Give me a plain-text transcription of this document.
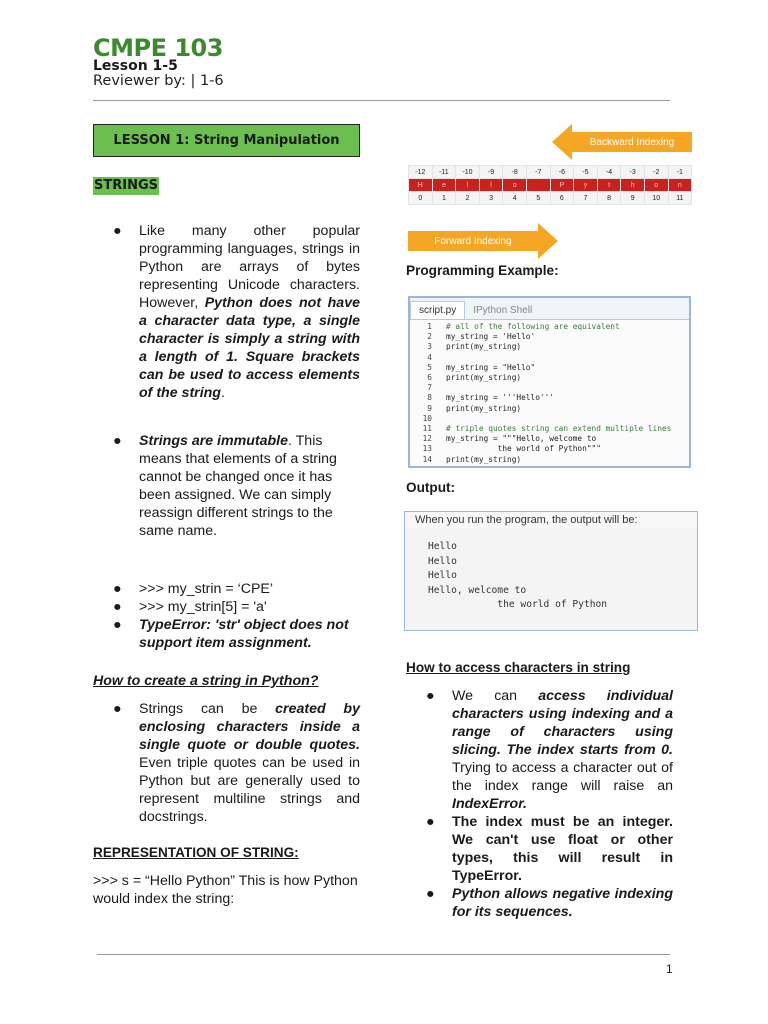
CMPE 103
Lesson 1-5
Reviewer by: | 1-6
LESSON 1: String Manipulation
STRINGS
● Like many other popular programming languages, strings in Python are arrays of bytes representing Unicode characters. However, Python does not have a character data type, a single character is simply a string with a length of 1. Square brackets can be used to access elements of the string.
● Strings are immutable. This means that elements of a string cannot be changed once it has been assigned. We can simply reassign different strings to the same name.
● >>> my_strin = ‘CPE’
● >>> my_strin[5] = 'a'
● TypeError: 'str' object does not support item assignment.
How to create a string in Python?
● Strings can be created by enclosing characters inside a single quote or double quotes. Even triple quotes can be used in Python but are generally used to represent multiline strings and docstrings.
REPRESENTATION OF STRING:
>>> s = “Hello Python” This is how Python would index the string:
Backward Indexing
-12	-11	-10	-9	-8	-7	-6	-5	-4	-3	-2	-1
H	e	l	l	o		P	y	t	h	o	n
0	1	2	3	4	5	6	7	8	9	10	11
Forward Indexing
Programming Example:
script.py	IPython Shell
1	# all of the following are equivalent
2	my_string = 'Hello'
3	print(my_string)
4
5	my_string = "Hello"
6	print(my_string)
7
8	my_string = '''Hello'''
9	print(my_string)
10
11	# triple quotes string can extend multiple lines
12	my_string = """Hello, welcome to
13	the world of Python"""
14	print(my_string)
Output:
When you run the program, the output will be:
Hello
Hello
Hello
Hello, welcome to
the world of Python
How to access characters in string
● We can access individual characters using indexing and a range of characters using slicing. The index starts from 0. Trying to access a character out of the index range will raise an IndexError.
● The index must be an integer. We can't use float or other types, this will result in TypeError.
● Python allows negative indexing for its sequences.
1
